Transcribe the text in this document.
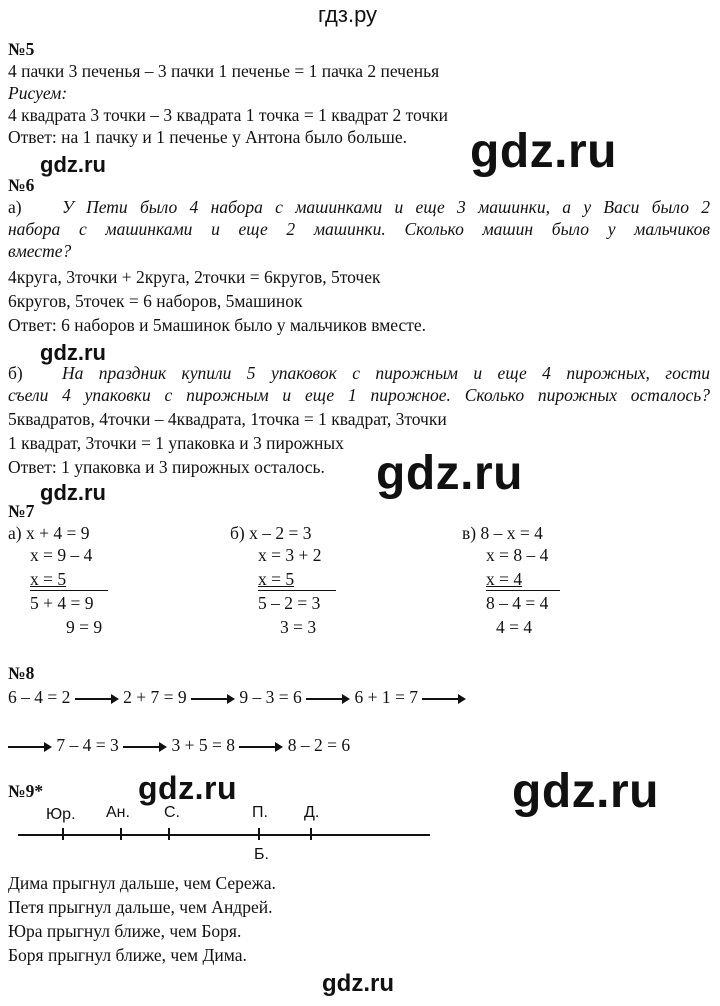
гдз.ру
№5
4 пачки 3 печенья – 3 пачки 1 печенье = 1 пачка 2 печенья
Рисуем:
4 квадрата 3 точки – 3 квадрата 1 точка = 1 квадрат 2 точки
Ответ: на 1 пачку и 1 печенье у Антона было больше. gdz.ru
gdz.ru
№6
а) У Пети было 4 набора с машинками и еще 3 машинки, а у Васи было 2
набора с машинками и еще 2 машинки. Сколько машин было у мальчиков
вместе?
4круга, 3точки + 2круга, 2точки = 6кругов, 5точек
6кругов, 5точек = 6 наборов, 5машинок
Ответ: 6 наборов и 5машинок было у мальчиков вместе.
gdz.ru
б) На праздник купили 5 упаковок с пирожным и еще 4 пирожных, гости
съели 4 упаковки с пирожным и еще 1 пирожное. Сколько пирожных осталось?
5квадратов, 4точки – 4квадрата, 1точка = 1 квадрат, 3точки
1 квадрат, 3точки = 1 упаковка и 3 пирожных
Ответ: 1 упаковка и 3 пирожных осталось. gdz.ru
gdz.ru
№7
а) x + 4 = 9
x = 9 – 4
x = 5
5 + 4 = 9
9 = 9
б) x – 2 = 3
x = 3 + 2
x = 5
5 – 2 = 3
3 = 3
в) 8 – x = 4
x = 8 – 4
x = 4
8 – 4 = 4
4 = 4
№8
6 – 4 = 2	2 + 7 = 9	9 – 3 = 6	6 + 1 = 7
7 – 4 = 3	3 + 5 = 8	8 – 2 = 6
gdz.ru
gdz.ru
№9*
Юр. Ан. С.	П. Д.
Б.
Дима прыгнул дальше, чем Сережа.
Петя прыгнул дальше, чем Андрей.
Юра прыгнул ближе, чем Боря.
Боря прыгнул ближе, чем Дима.
gdz.ru
